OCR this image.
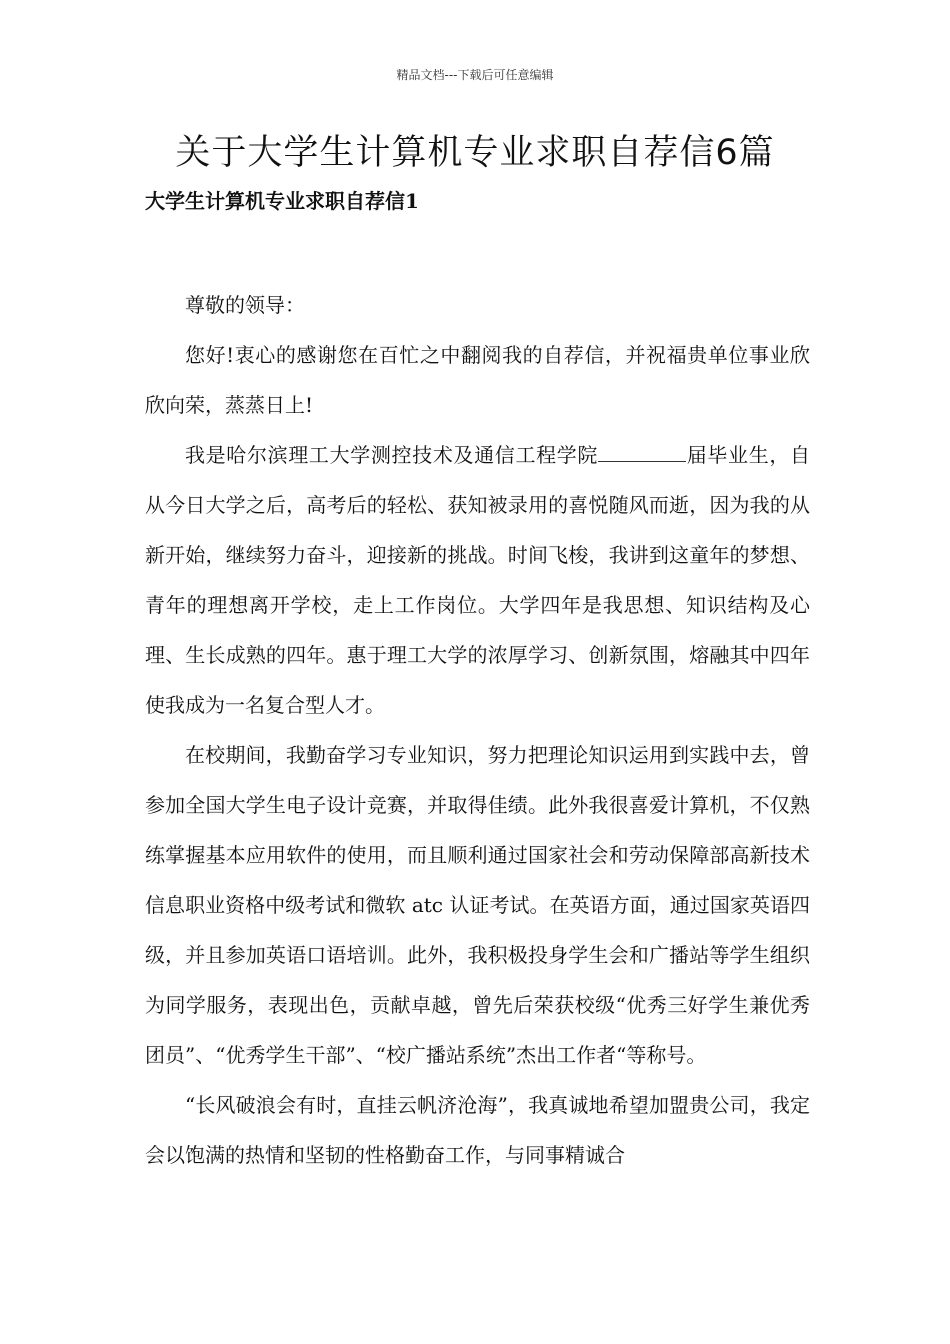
精品文档---下载后可任意编辑
关于大学生计算机专业求职自荐信6篇
大学生计算机专业求职自荐信1

尊敬的领导：

您好!衷心的感谢您在百忙之中翻阅我的自荐信，并祝福贵单位事业欣欣向荣，蒸蒸日上!

我是哈尔滨理工大学测控技术及通信工程学院	届毕业生，自从今日大学之后，高考后的轻松、获知被录用的喜悦随风而逝，因为我的从新开始，继续努力奋斗，迎接新的挑战。时间飞梭，我讲到这童年的梦想、青年的理想离开学校，走上工作岗位。大学四年是我思想、知识结构及心理、生长成熟的四年。惠于理工大学的浓厚学习、创新氛围，熔融其中四年使我成为一名复合型人才。

在校期间，我勤奋学习专业知识，努力把理论知识运用到实践中去，曾参加全国大学生电子设计竞赛，并取得佳绩。此外我很喜爱计算机，不仅熟练掌握基本应用软件的使用，而且顺利通过国家社会和劳动保障部高新技术信息职业资格中级考试和微软 atc 认证考试。在英语方面，通过国家英语四级，并且参加英语口语培训。此外，我积极投身学生会和广播站等学生组织为同学服务，表现出色，贡献卓越，曾先后荣获校级“优秀三好学生兼优秀团员”、“优秀学生干部”、“校广播站系统”杰出工作者“等称号。

“长风破浪会有时，直挂云帆济沧海”，我真诚地希望加盟贵公司，我定会以饱满的热情和坚韧的性格勤奋工作，与同事精诚合
